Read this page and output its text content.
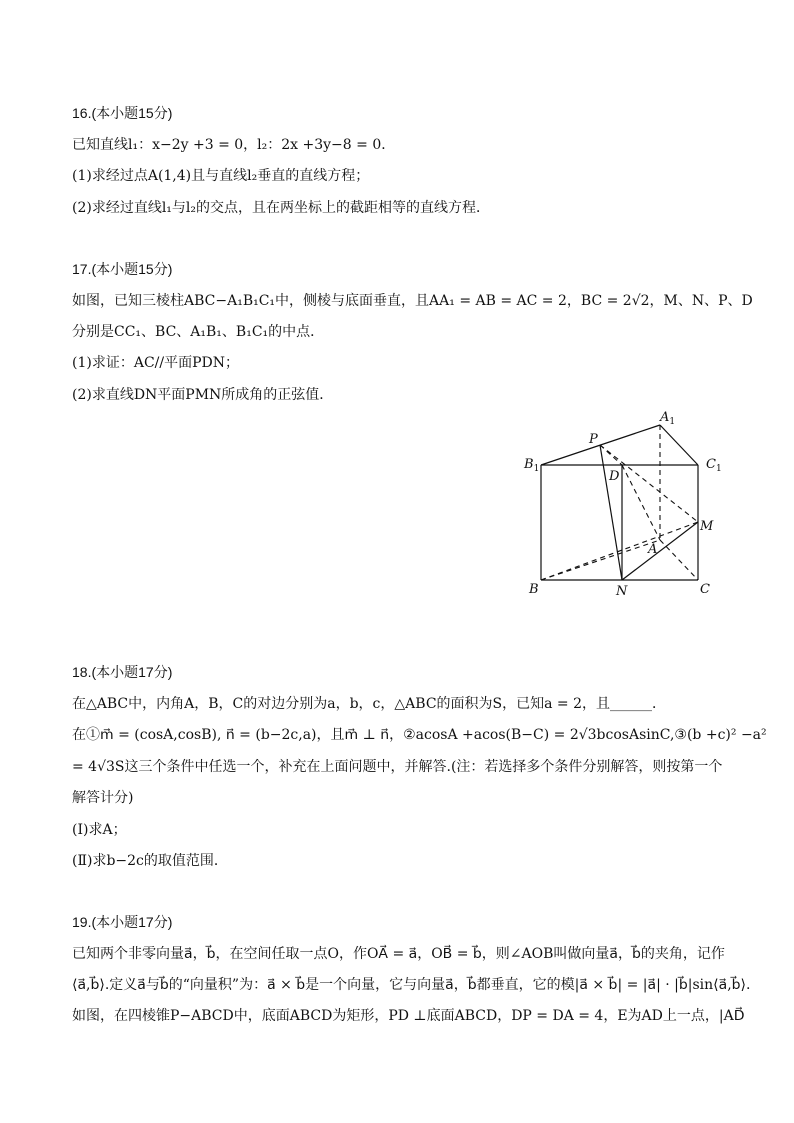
16.(本小题15分)
已知直线l₁：x−2y +3 = 0，l₂：2x +3y−8 = 0．
(1)求经过点A(1,4)且与直线l₂垂直的直线方程；
(2)求经过直线l₁与l₂的交点，且在两坐标上的截距相等的直线方程．
17.(本小题15分)
如图，已知三棱柱ABC−A₁B₁C₁中，侧棱与底面垂直，且AA₁ = AB = AC = 2，BC = 2√2，M、N、P、D
分别是CC₁、BC、A₁B₁、B₁C₁的中点．
(1)求证：AC//平面PDN；
(2)求直线DN平面PMN所成角的正弦值．
$A_1$
$B_1$	$C_1$
P
D
M
A
B	N	C
18.(本小题17分)
在△ABC中，内角A，B，C的对边分别为a，b，c，△ABC的面积为S，已知a = 2，且______．
在①m⃗ = (cosA,cosB), n⃗ = (b−2c,a)，且m⃗ ⊥ n⃗，②acosA +acos(B−C) = 2√3bcosAsinC,③(b +c)² −a²
= 4√3S这三个条件中任选一个，补充在上面问题中，并解答.(注：若选择多个条件分别解答，则按第一个
解答计分)
(Ⅰ)求A；
(Ⅱ)求b−2c的取值范围．
19.(本小题17分)
已知两个非零向量a⃗，b⃗，在空间任取一点O，作OA⃗ = a⃗，OB⃗ = b⃗，则∠AOB叫做向量a⃗，b⃗的夹角，记作
⟨a⃗,b⃗⟩.定义a⃗与b⃗的“向量积”为：a⃗ × b⃗是一个向量，它与向量a⃗，b⃗都垂直，它的模|a⃗ × b⃗| = |a⃗| · |b⃗|sin⟨a⃗,b⃗⟩.
如图，在四棱锥P−ABCD中，底面ABCD为矩形，PD ⊥底面ABCD，DP = DA = 4，E为AD上一点，|AD⃗
